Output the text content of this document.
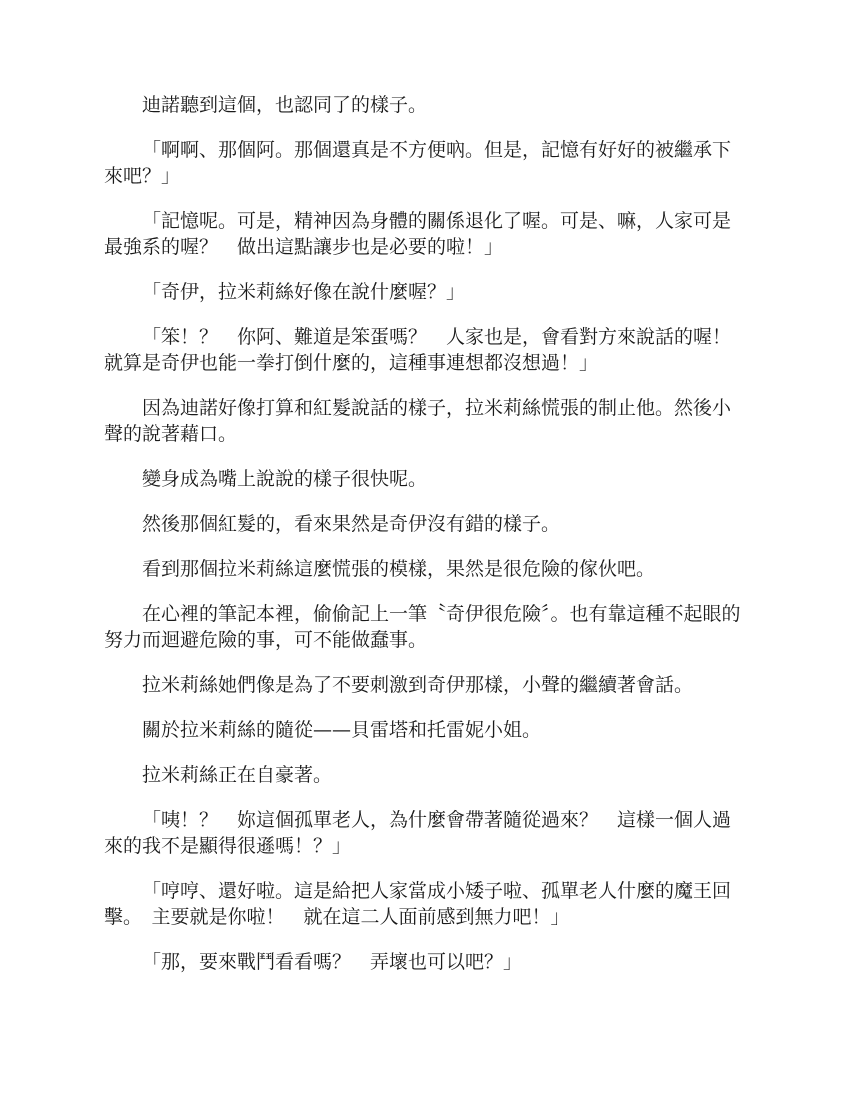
迪諾聽到這個，也認同了的樣子。

「啊啊、那個阿。那個還真是不方便吶。但是，記憶有好好的被繼承下來吧？」

「記憶呢。可是，精神因為身體的關係退化了喔。可是、嘛，人家可是最強系的喔？　做出這點讓步也是必要的啦！」

「奇伊，拉米莉絲好像在說什麼喔？」

「笨！？　你阿、難道是笨蛋嗎？　人家也是，會看對方來說話的喔！　就算是奇伊也能一拳打倒什麼的，這種事連想都沒想過！」

因為迪諾好像打算和紅髮說話的樣子，拉米莉絲慌張的制止他。然後小聲的說著藉口。

變身成為嘴上說說的樣子很快呢。

然後那個紅髮的，看來果然是奇伊沒有錯的樣子。

看到那個拉米莉絲這麼慌張的模樣，果然是很危險的傢伙吧。

在心裡的筆記本裡，偷偷記上一筆〝奇伊很危險〞。也有靠這種不起眼的努力而迴避危險的事，可不能做蠢事。

拉米莉絲她們像是為了不要刺激到奇伊那樣，小聲的繼續著會話。

關於拉米莉絲的隨從——貝雷塔和托雷妮小姐。

拉米莉絲正在自豪著。

「咦！？　妳這個孤單老人，為什麼會帶著隨從過來？　這樣一個人過來的我不是顯得很遜嗎！？」

「哼哼、還好啦。這是給把人家當成小矮子啦、孤單老人什麼的魔王回擊。　主要就是你啦！　就在這二人面前感到無力吧！」

「那，要來戰鬥看看嗎？　弄壞也可以吧？」
